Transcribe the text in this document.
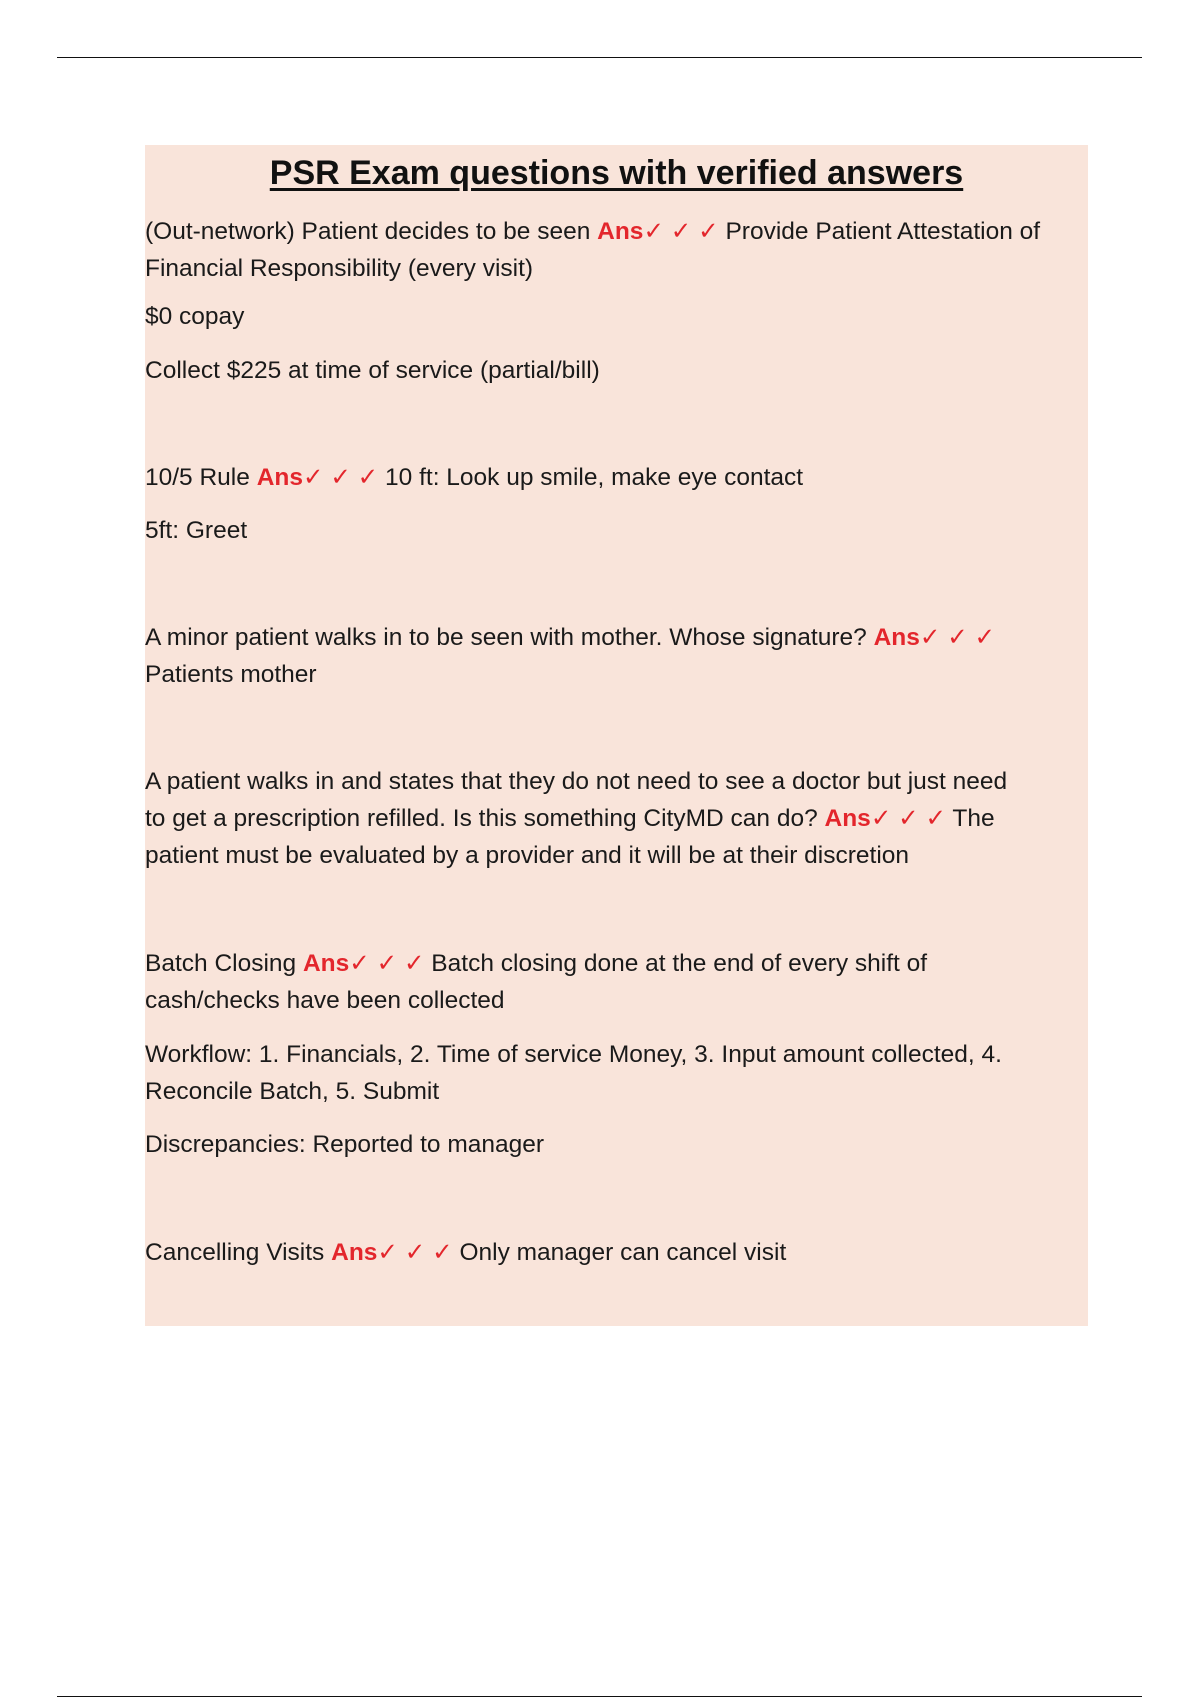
PSR Exam questions with verified answers

(Out-network) Patient decides to be seen Ans✓ ✓ ✓ Provide Patient Attestation of
Financial Responsibility (every visit)

$0 copay

Collect $225 at time of service (partial/bill)

10/5 Rule Ans✓ ✓ ✓ 10 ft: Look up smile, make eye contact

5ft: Greet

A minor patient walks in to be seen with mother. Whose signature? Ans✓ ✓ ✓
Patients mother

A patient walks in and states that they do not need to see a doctor but just need
to get a prescription refilled. Is this something CityMD can do? Ans✓ ✓ ✓ The
patient must be evaluated by a provider and it will be at their discretion

Batch Closing Ans✓ ✓ ✓ Batch closing done at the end of every shift of
cash/checks have been collected

Workflow: 1. Financials, 2. Time of service Money, 3. Input amount collected, 4.
Reconcile Batch, 5. Submit

Discrepancies: Reported to manager

Cancelling Visits Ans✓ ✓ ✓ Only manager can cancel visit
